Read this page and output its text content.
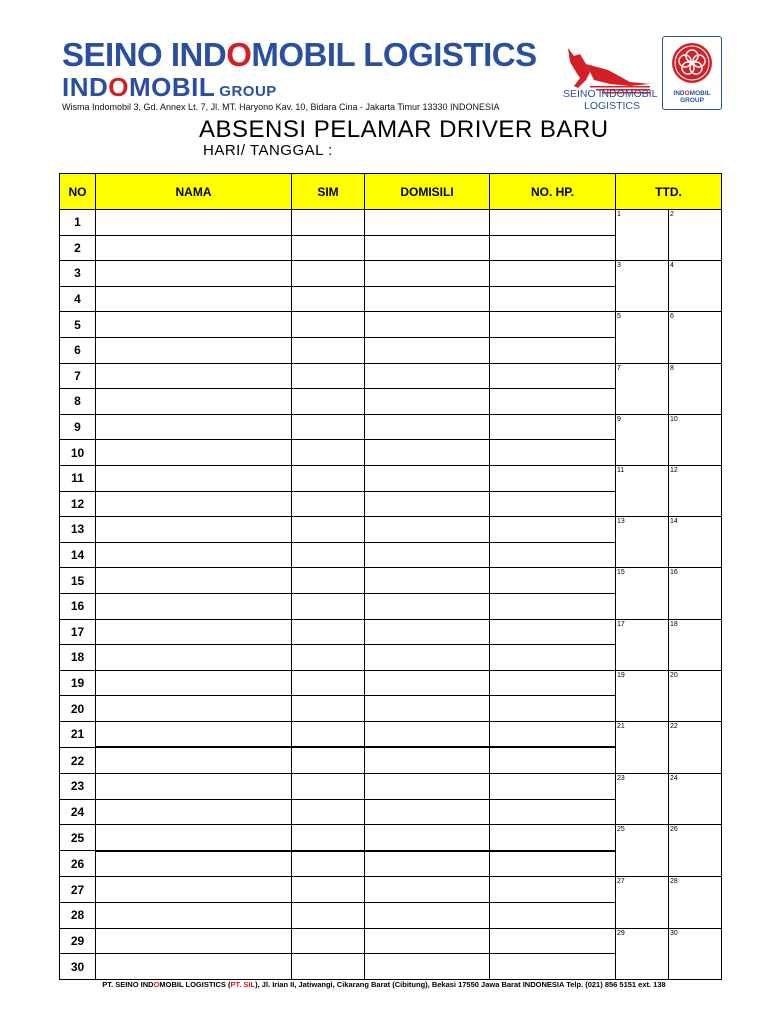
SEINO INDOMOBIL LOGISTICS
INDOMOBIL GROUP
Wisma Indomobil 3, Gd. Annex Lt. 7, Jl. MT. Haryono Kav. 10, Bidara Cina - Jakarta Timur 13330 INDONESIA
SEINO INDOMOBIL
LOGISTICS
INDOMOBIL
GROUP
ABSENSI PELAMAR DRIVER BARU
HARI/ TANGGAL :
NO	NAMA	SIM	DOMISILI	NO. HP.	TTD.	
1					1	2
2						
3					3	4
4						
5					5	6
6						
7					7	8
8						
9					9	10
10						
11					11	12
12						
13					13	14
14						
15					15	16
16						
17					17	18
18						
19					19	20
20						
21					21	22
22						
23					23	24
24						
25					25	26
26						
27					27	28
28						
29					29	30
30						
PT. SEINO INDOMOBIL LOGISTICS (PT. SIL), Jl. Irian II, Jatiwangi, Cikarang Barat (Cibitung), Bekasi 17550 Jawa Barat INDONESIA Telp. (021) 856 5151 ext. 138
